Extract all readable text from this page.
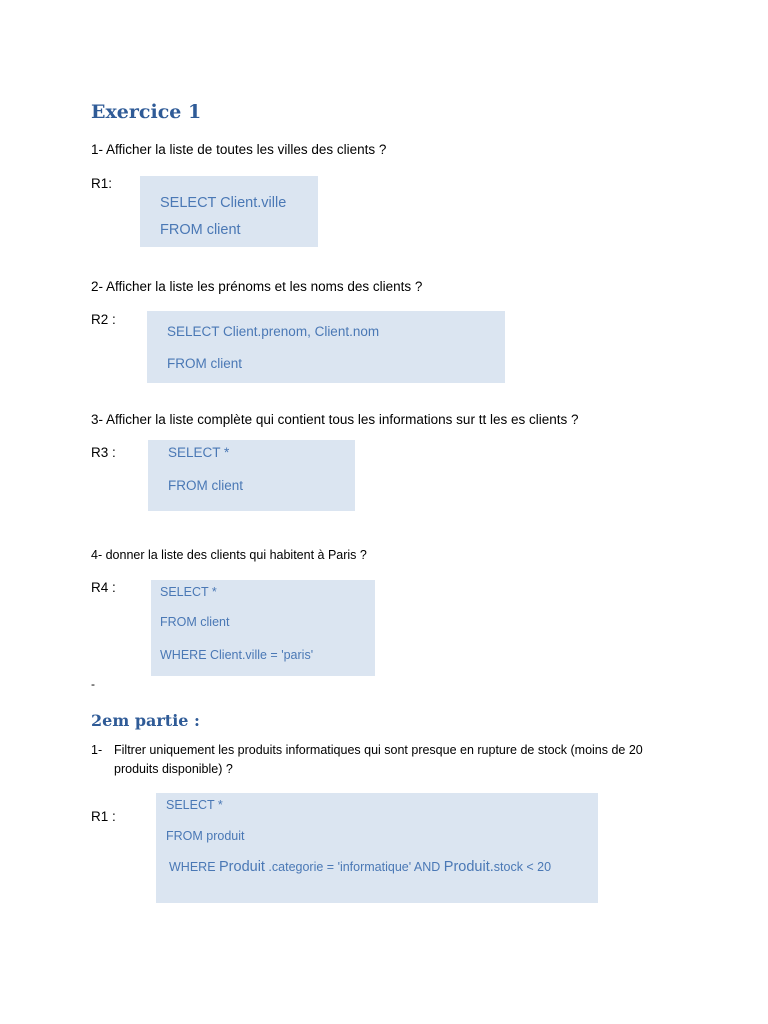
Exercice 1
1- Afficher la liste de toutes les villes des clients ?
R1:
SELECT Client.ville
FROM client
2- Afficher la liste les prénoms et les noms des clients ?
R2 :
SELECT Client.prenom, Client.nom
FROM client
3- Afficher la liste complète qui contient tous les informations sur tt les es clients ?
R3 :	SELECT *
FROM client
4- donner la liste des clients qui habitent à Paris ?
R4 :	SELECT *
FROM client
WHERE Client.ville = 'paris'
-
2em partie :
1- Filtrer uniquement les produits informatiques qui sont presque en rupture de stock (moins de 20
produits disponible) ?
R1 :
SELECT *
FROM produit
WHERE Produit .categorie = 'informatique' AND Produit.stock < 20
